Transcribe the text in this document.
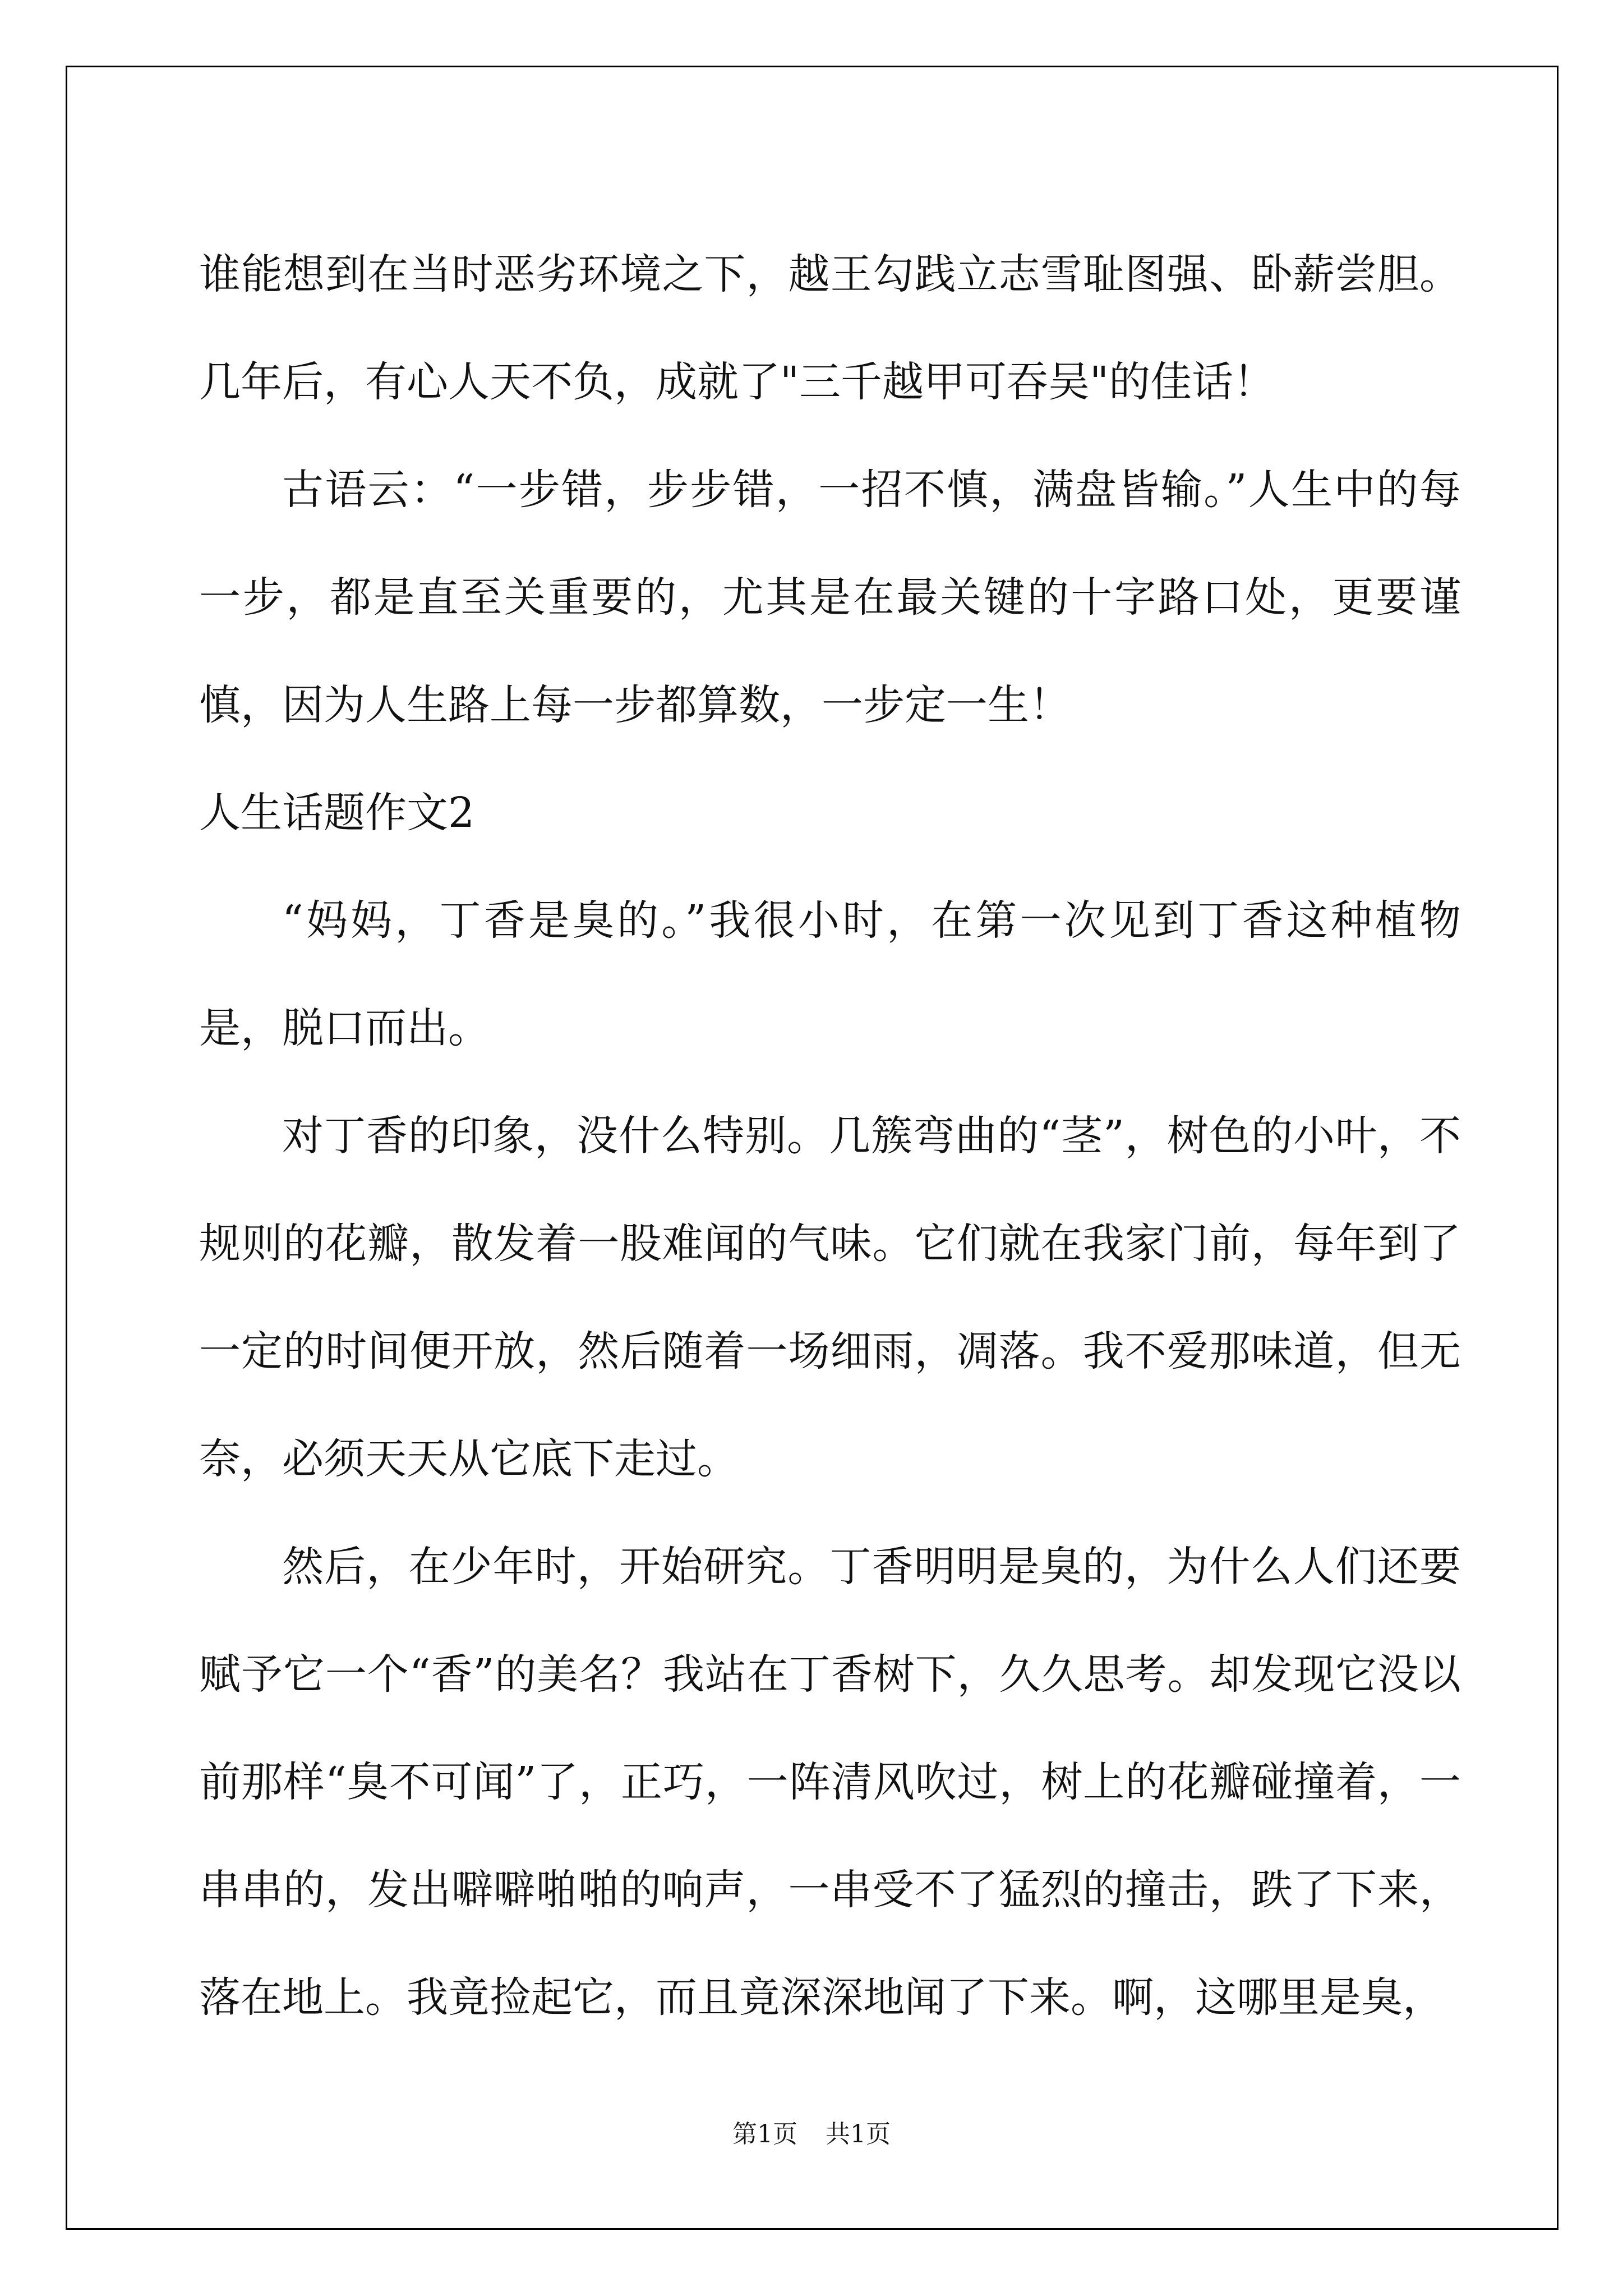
谁能想到在当时恶劣环境之下，越王勾践立志雪耻图强、卧薪尝胆。几年后，有心人天不负，成就了"三千越甲可吞吴"的佳话！

古语云：“一步错，步步错，一招不慎，满盘皆输。”人生中的每一步，都是直至关重要的，尤其是在最关键的十字路口处，更要谨慎，因为人生路上每一步都算数，一步定一生！

人生话题作文2

“妈妈，丁香是臭的。”我很小时，在第一次见到丁香这种植物是，脱口而出。

对丁香的印象，没什么特别。几簇弯曲的“茎”，树色的小叶，不规则的花瓣，散发着一股难闻的气味。它们就在我家门前，每年到了一定的时间便开放，然后随着一场细雨，凋落。我不爱那味道，但无奈，必须天天从它底下走过。

然后，在少年时，开始研究。丁香明明是臭的，为什么人们还要赋予它一个“香”的美名？我站在丁香树下，久久思考。却发现它没以前那样“臭不可闻”了，正巧，一阵清风吹过，树上的花瓣碰撞着，一串串的，发出噼噼啪啪的响声，一串受不了猛烈的撞击，跌了下来，落在地上。我竟捡起它，而且竟深深地闻了下来。啊，这哪里是臭，

第1页 共1页
